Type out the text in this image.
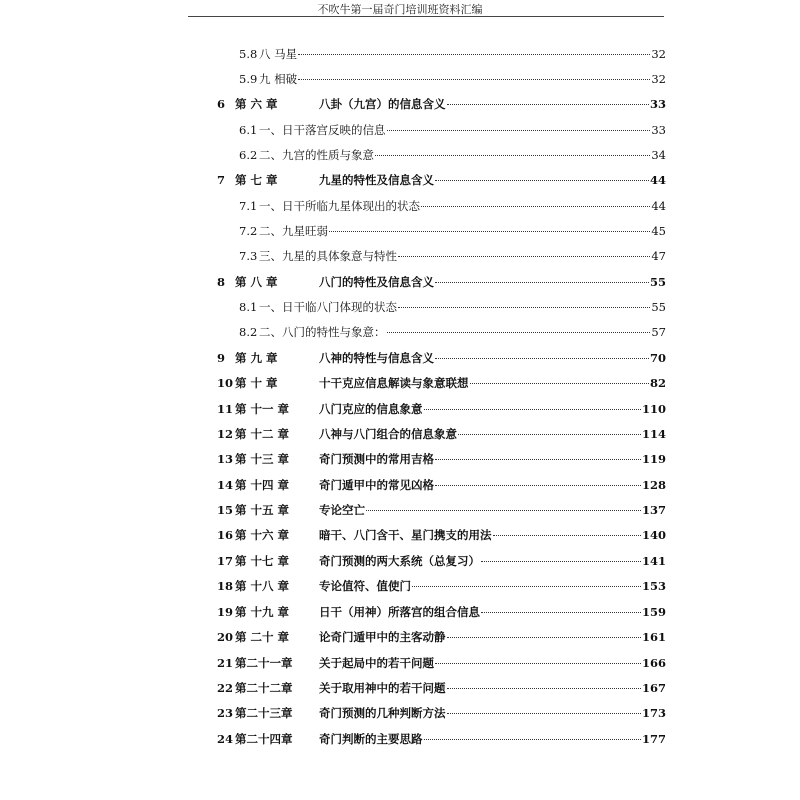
不吹牛第一届奇门培训班资料汇编
5.8 八 马星	32
5.9 九 相破	32
6 第 六 章	八卦（九宫）的信息含义	33
6.1 一、日干落宫反映的信息	33
6.2 二、九宫的性质与象意	34
7 第 七 章	九星的特性及信息含义	44
7.1 一、日干所临九星体现出的状态	44
7.2 二、九星旺弱	45
7.3 三、九星的具体象意与特性	47
8 第 八 章	八门的特性及信息含义	55
8.1 一、日干临八门体现的状态	55
8.2 二、八门的特性与象意：	57
9 第 九 章	八神的特性与信息含义	70
10 第 十 章	十干克应信息解读与象意联想	82
11 第 十一 章	八门克应的信息象意	110
12 第 十二 章	八神与八门组合的信息象意	114
13 第 十三 章	奇门预测中的常用吉格	119
14 第 十四 章	奇门遁甲中的常见凶格	128
15 第 十五 章	专论空亡	137
16 第 十六 章	暗干、八门含干、星门携支的用法	140
17 第 十七 章	奇门预测的两大系统（总复习）	141
18 第 十八 章	专论值符、值使门	153
19 第 十九 章	日干（用神）所落宫的组合信息	159
20 第 二十 章	论奇门遁甲中的主客动静	161
21 第二十一章	关于起局中的若干问题	166
22 第二十二章	关于取用神中的若干问题	167
23 第二十三章	奇门预测的几种判断方法	173
24 第二十四章	奇门判断的主要思路	177
